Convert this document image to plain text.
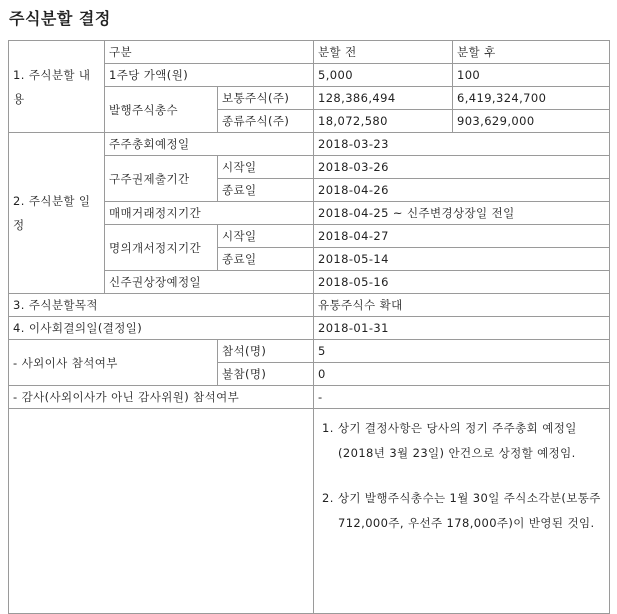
주식분할 결정
1. 주식분할 내용	구분		분할 전	분할 후
	1주당 가액(원)		5,000	100
	발행주식총수	보통주식(주)	128,386,494	6,419,324,700
		종류주식(주)	18,072,580	903,629,000
2. 주식분할 일정	주주총회예정일		2018-03-23	
	구주권제출기간	시작일	2018-03-26	
		종료일	2018-04-26	
	매매거래정지기간		2018-04-25 ~ 신주변경상장일 전일	
	명의개서정지기간	시작일	2018-04-27	
		종료일	2018-05-14	
	신주권상장예정일		2018-05-16	
3. 주식분할목적			유통주식수 확대	
4. 이사회결의일(결정일)			2018-01-31	
- 사외이사 참석여부		참석(명)	5	
		불참(명)	0	
- 감사(사외이사가 아닌 감사위원) 참석여부			-	

			1. 상기 결정사항은 당사의 정기 주주총회 예정일(2018년 3월 23일) 안건으로 상정할 예정임.

2. 상기 발행주식총수는 1월 30일 주식소각분(보통주 712,000주, 우선주 178,000주)이 반영된 것임.	
